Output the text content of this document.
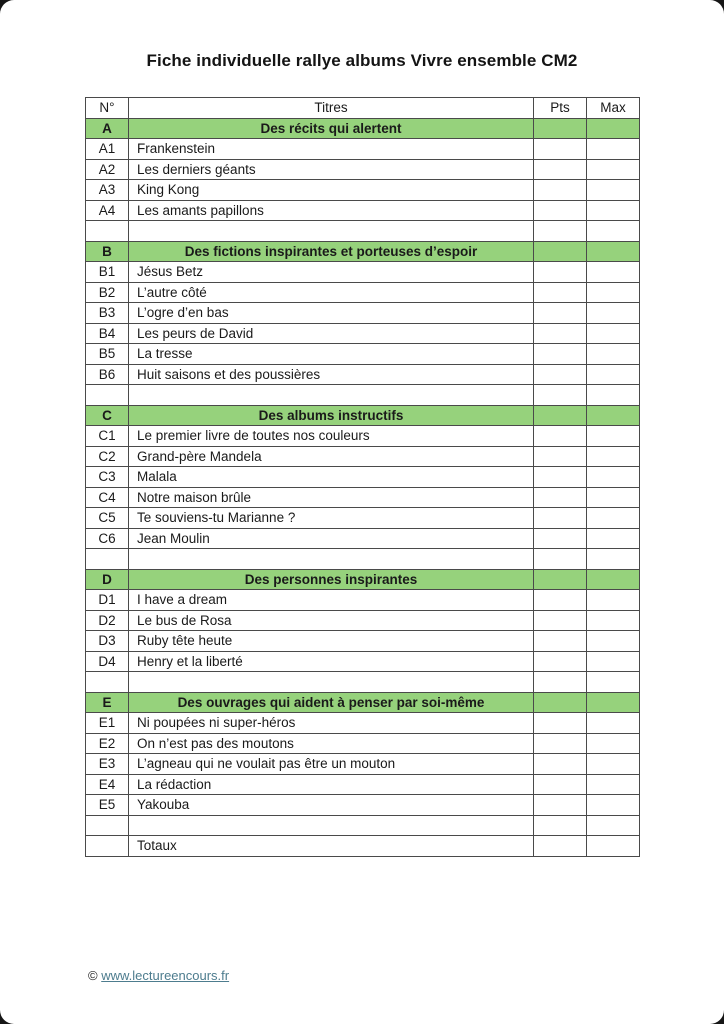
Fiche individuelle rallye albums Vivre ensemble CM2
N°	Titres	Pts	Max
A	Des récits qui alertent		
A1	Frankenstein		
A2	Les derniers géants		
A3	King Kong		
A4	Les amants papillons		

B	Des fictions inspirantes et porteuses d’espoir		
B1	Jésus Betz		
B2	L’autre côté		
B3	L’ogre d’en bas		
B4	Les peurs de David		
B5	La tresse		
B6	Huit saisons et des poussières		

C	Des albums instructifs		
C1	Le premier livre de toutes nos couleurs		
C2	Grand-père Mandela		
C3	Malala		
C4	Notre maison brûle		
C5	Te souviens-tu Marianne ?		
C6	Jean Moulin		

D	Des personnes inspirantes		
D1	I have a dream		
D2	Le bus de Rosa		
D3	Ruby tête heute		
D4	Henry et la liberté		

E	Des ouvrages qui aident à penser par soi-même		
E1	Ni poupées ni super-héros		
E2	On n’est pas des moutons		
E3	L’agneau qui ne voulait pas être un mouton		
E4	La rédaction		
E5	Yakouba		

	Totaux		
© www.lectureencours.fr
